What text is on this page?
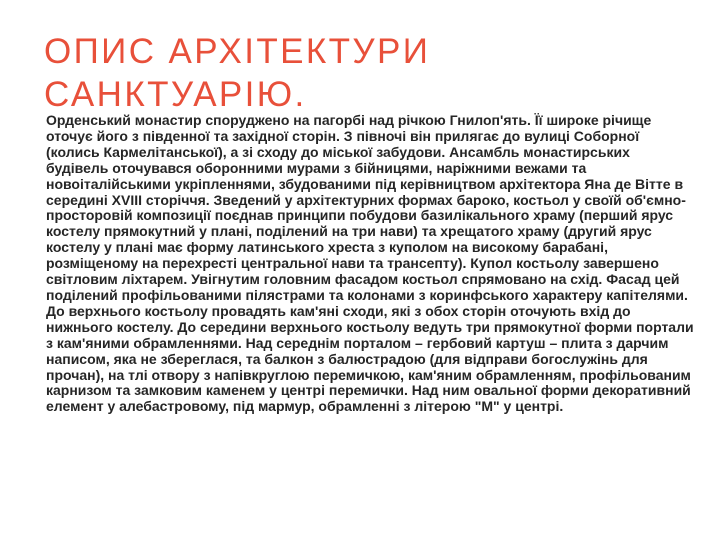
ОПИС АРХІТЕКТУРИ САНКТУАРІЮ.

Орденський монастир споруджено на пагорбі над річкою Гнилоп'ять. Її широке річище оточує його з південної та західної сторін. З півночі він прилягає до вулиці Соборної (колись Кармелітанської), а зі сходу до міської забудови. Ансамбль монастирських будівель оточувався оборонними мурами з бійницями, наріжними вежами та новоіталійськими укріпленнями, збудованими під керівництвом архітектора Яна де Вітте в середині XVIII сторіччя. Зведений у архітектурних формах бароко, костьол у своїй об'ємно-просторовій композиції поєднав принципи побудови базилікального храму (перший ярус костелу прямокутний у плані, поділений на три нави) та хрещатого храму (другий ярус костелу у плані має форму латинського хреста з куполом на високому барабані, розміщеному на перехресті центральної нави та трансепту). Купол костьолу завершено світловим ліхтарем. Увігнутим головним фасадом костьол спрямовано на схід. Фасад цей поділений профільованими пілястрами та колонами з коринфського характеру капітелями. До верхнього костьолу провадять кам'яні сходи, які з обох сторін оточують вхід до нижнього костелу. До середини верхнього костьолу ведуть три прямокутної форми портали з кам'яними обрамленнями. Над середнім порталом – гербовий картуш – плита з дарчим написом, яка не збереглася, та балкон з балюстрадою (для відправи богослужінь для прочан), на тлі отвору з напівкруглою перемичкою, кам'яним обрамленням, профільованим карнизом та замковим каменем у центрі перемички. Над ним овальної форми декоративний елемент у алебастровому, під мармур, обрамленні з літерою "М" у центрі.
